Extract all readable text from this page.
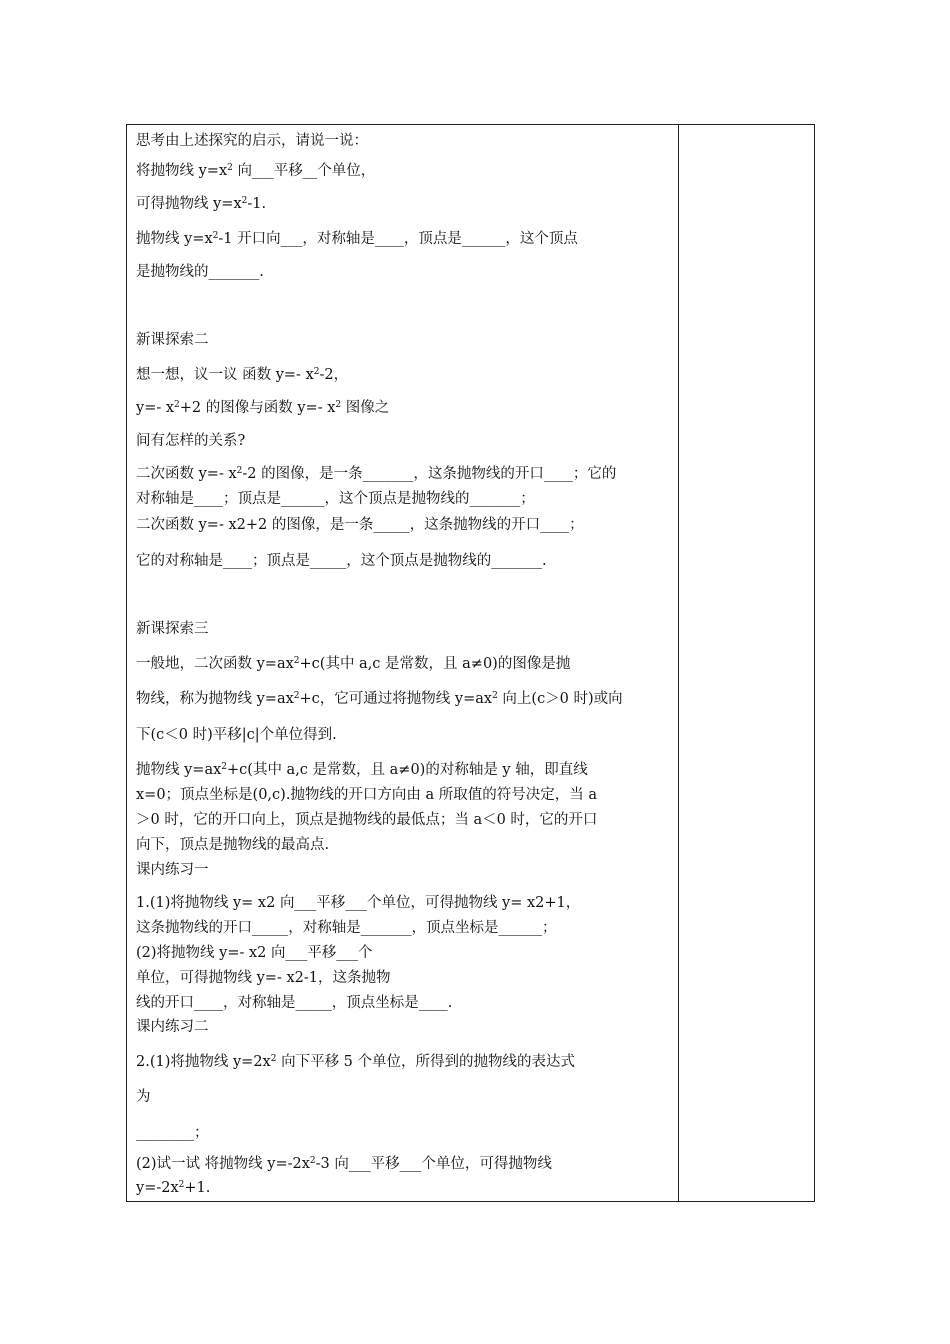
思考由上述探究的启示，请说一说：
将抛物线 $y=x^2$ 向___平移__个单位，
可得抛物线 $y=x^2-1$.
抛物线 $y=x^2-1$ 开口向___，对称轴是____，顶点是______，这个顶点
是抛物线的_______.
新课探索二
想一想，议一议 函数 y=- $x^2-2$，
y=- $x^2+2$ 的图像与函数 y=- $x^2$ 图像之
间有怎样的关系?
二次函数 y=- $x^2-2$ 的图像，是一条_______，这条抛物线的开口____；它的
对称轴是____；顶点是______，这个顶点是抛物线的_______；
二次函数 y=- x2+2 的图像，是一条_____，这条抛物线的开口____；
它的对称轴是____；顶点是_____，这个顶点是抛物线的_______.
新课探索三
一般地，二次函数 $y=ax^2+c$(其中 a,c 是常数，且 a≠0)的图像是抛
物线，称为抛物线 $y=ax^2+c$，它可通过将抛物线 $y=ax^2$ 向上(c＞0 时)或向
下(c＜0 时)平移|c|个单位得到.
抛物线 $y=ax^2+c$(其中 a,c 是常数，且 a≠0)的对称轴是 y 轴，即直线
x=0；顶点坐标是(0,c).抛物线的开口方向由 a 所取值的符号决定，当 a
＞0 时，它的开口向上，顶点是抛物线的最低点；当 a＜0 时，它的开口
向下，顶点是抛物线的最高点.
课内练习一
1.(1)将抛物线 y= x2 向___平移___个单位，可得抛物线 y= x2+1，
这条抛物线的开口_____，对称轴是_______，顶点坐标是______；
(2)将抛物线 y=- x2 向___平移___个
单位，可得抛物线 y=- x2-1，这条抛物
线的开口____，对称轴是_____，顶点坐标是____.
课内练习二
2.(1)将抛物线 $y=2x^2$ 向下平移 5 个单位，所得到的抛物线的表达式
为
________；
(2)试一试 将抛物线 $y=-2x^2-3$ 向___平移___个单位，可得抛物线
$y=-2x^2+1$.
